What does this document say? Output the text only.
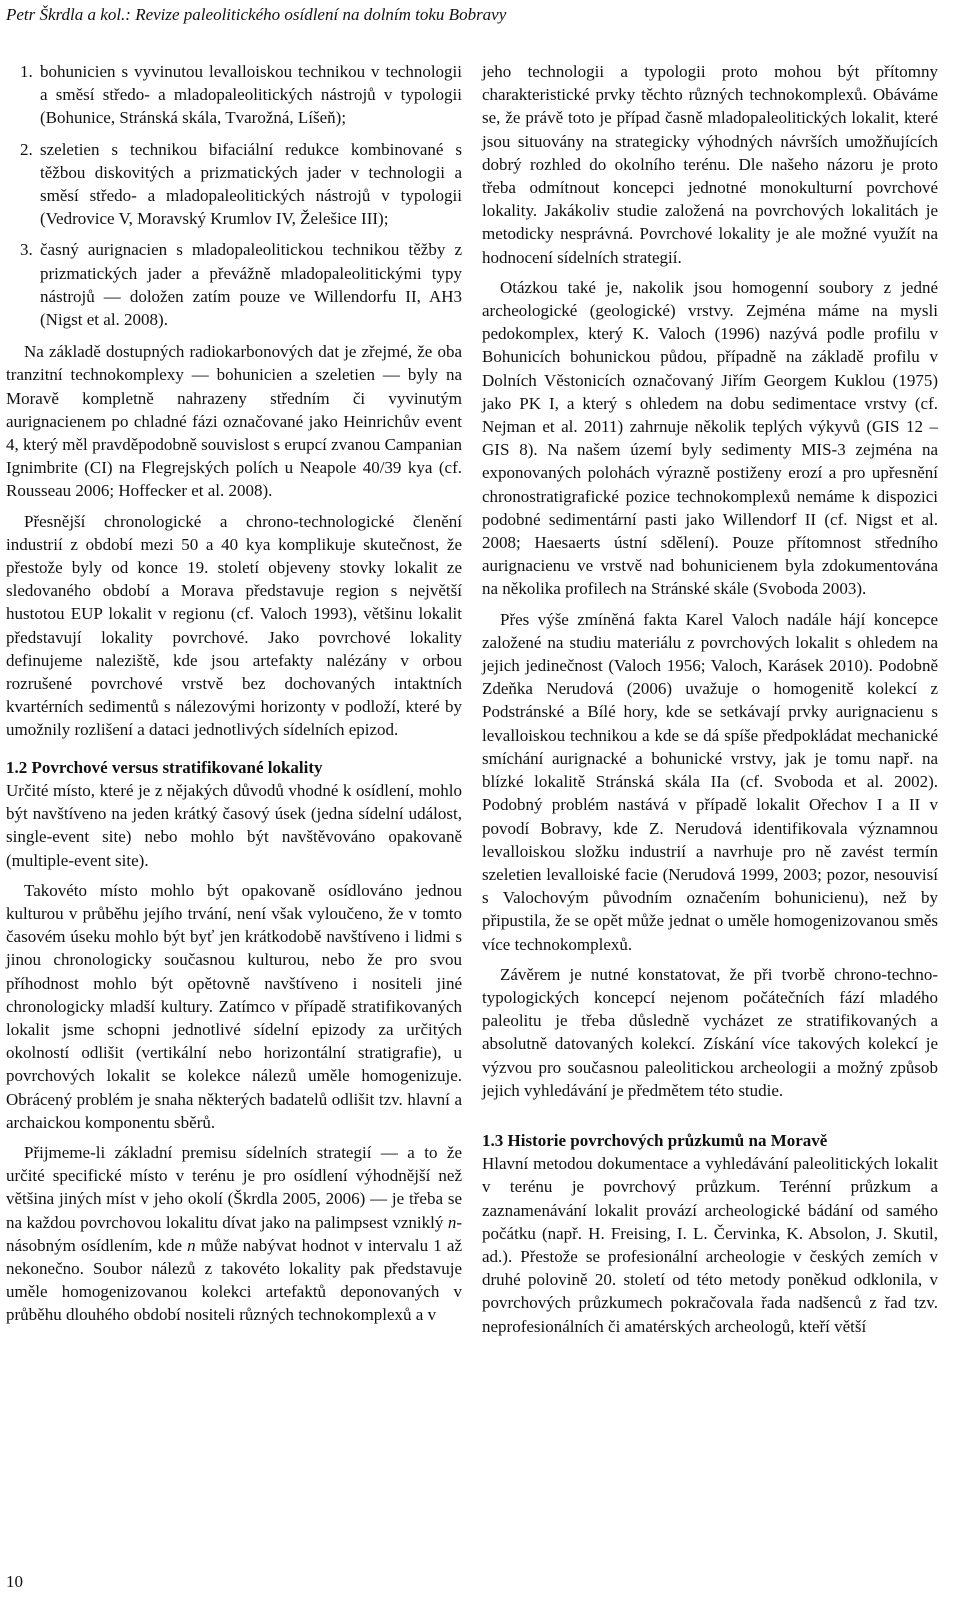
Petr Škrdla a kol.: Revize paleolitického osídlení na dolním toku Bobravy
1. bohunicien s vyvinutou levalloiskou technikou v technologii a směsí středo- a mladopaleolitických nástrojů v typologii (Bohunice, Stránská skála, Tvarožná, Líšeň);
2. szeletien s technikou bifaciální redukce kombinované s těžbou diskovitých a prizmatických jader v technologii a směsí středo- a mladopaleolitických nástrojů v typologii (Vedrovice V, Moravský Krumlov IV, Želešice III);
3. časný aurignacien s mladopaleolitickou technikou těžby z prizmatických jader a převážně mladopaleolitickými typy nástrojů — doložen zatím pouze ve Willendorfu II, AH3 (Nigst et al. 2008).

Na základě dostupných radiokarbonových dat je zřejmé, že oba tranzitní technokomplexy — bohunicien a szeletien — byly na Moravě kompletně nahrazeny středním či vyvinutým aurignacienem po chladné fázi označované jako Heinrichův event 4, který měl pravděpodobně souvislost s erupcí zvanou Campanian Ignimbrite (CI) na Flegrejských polích u Neapole 40/39 kya (cf. Rousseau 2006; Hoffecker et al. 2008).

Přesnější chronologické a chrono-technologické členění industrií z období mezi 50 a 40 kya komplikuje skutečnost, že přestože byly od konce 19. století objeveny stovky lokalit ze sledovaného období a Morava představuje region s největší hustotou EUP lokalit v regionu (cf. Valoch 1993), většinu lokalit představují lokality povrchové. Jako povrchové lokality definujeme naleziště, kde jsou artefakty nalézány v orbou rozrušené povrchové vrstvě bez dochovaných intaktních kvartérních sedimentů s nálezovými horizonty v podloží, které by umožnily rozlišení a dataci jednotlivých sídelních epizod.

1.2 Povrchové versus stratifikované lokality

Určité místo, které je z nějakých důvodů vhodné k osídlení, mohlo být navštíveno na jeden krátký časový úsek (jedna sídelní událost, single-event site) nebo mohlo být navštěvováno opakovaně (multiple-event site).

Takovéto místo mohlo být opakovaně osídlováno jednou kulturou v průběhu jejího trvání, není však vyloučeno, že v tomto časovém úseku mohlo být byť jen krátkodobě navštíveno i lidmi s jinou chronologicky současnou kulturou, nebo že pro svou příhodnost mohlo být opětovně navštíveno i nositeli jiné chronologicky mladší kultury. Zatímco v případě stratifikovaných lokalit jsme schopni jednotlivé sídelní epizody za určitých okolností odlišit (vertikální nebo horizontální stratigrafie), u povrchových lokalit se kolekce nálezů uměle homogenizuje. Obrácený problém je snaha některých badatelů odlišit tzv. hlavní a archaickou komponentu sběrů.

Přijmeme-li základní premisu sídelních strategií — a to že určité specifické místo v terénu je pro osídlení výhodnější než většina jiných míst v jeho okolí (Škrdla 2005, 2006) — je třeba se na každou povrchovou lokalitu dívat jako na palimpsest vzniklý n-násobným osídlením, kde n může nabývat hodnot v intervalu 1 až nekonečno. Soubor nálezů z takovéto lokality pak představuje uměle homogenizovanou kolekci artefaktů deponovaných v průběhu dlouhého období nositeli různých technokomplexů a v

jeho technologii a typologii proto mohou být přítomny charakteristické prvky těchto různých technokomplexů. Obáváme se, že právě toto je případ časně mladopaleolitických lokalit, které jsou situovány na strategicky výhodných návrších umožňujících dobrý rozhled do okolního terénu. Dle našeho názoru je proto třeba odmítnout koncepci jednotné monokulturní povrchové lokality. Jakákoliv studie založená na povrchových lokalitách je metodicky nesprávná. Povrchové lokality je ale možné využít na hodnocení sídelních strategií.

Otázkou také je, nakolik jsou homogenní soubory z jedné archeologické (geologické) vrstvy. Zejména máme na mysli pedokomplex, který K. Valoch (1996) nazývá podle profilu v Bohunicích bohunickou půdou, případně na základě profilu v Dolních Věstonicích označovaný Jiřím Georgem Kuklou (1975) jako PK I, a který s ohledem na dobu sedimentace vrstvy (cf. Nejman et al. 2011) zahrnuje několik teplých výkyvů (GIS 12 – GIS 8). Na našem území byly sedimenty MIS-3 zejména na exponovaných polohách výrazně postiženy erozí a pro upřesnění chronostratigrafické pozice technokomplexů nemáme k dispozici podobné sedimentární pasti jako Willendorf II (cf. Nigst et al. 2008; Haesaerts ústní sdělení). Pouze přítomnost středního aurignacienu ve vrstvě nad bohunicienem byla zdokumentována na několika profilech na Stránské skále (Svoboda 2003).

Přes výše zmíněná fakta Karel Valoch nadále hájí koncepce založené na studiu materiálu z povrchových lokalit s ohledem na jejich jedinečnost (Valoch 1956; Valoch, Karásek 2010). Podobně Zdeňka Nerudová (2006) uvažuje o homogenitě kolekcí z Podstránské a Bílé hory, kde se setkávají prvky aurignacienu s levalloiskou technikou a kde se dá spíše předpokládat mechanické smíchání aurignacké a bohunické vrstvy, jak je tomu např. na blízké lokalitě Stránská skála IIa (cf. Svoboda et al. 2002). Podobný problém nastává v případě lokalit Ořechov I a II v povodí Bobravy, kde Z. Nerudová identifikovala významnou levalloiskou složku industrií a navrhuje pro ně zavést termín szeletien levalloiské facie (Nerudová 1999, 2003; pozor, nesouvisí s Valochovým původním označením bohunicienu), než by připustila, že se opět může jednat o uměle homogenizovanou směs více technokomplexů.

Závěrem je nutné konstatovat, že při tvorbě chrono-techno-typologických koncepcí nejenom počátečních fází mladého paleolitu je třeba důsledně vycházet ze stratifikovaných a absolutně datovaných kolekcí. Získání více takových kolekcí je výzvou pro současnou paleolitickou archeologii a možný způsob jejich vyhledávání je předmětem této studie.

1.3 Historie povrchových průzkumů na Moravě

Hlavní metodou dokumentace a vyhledávání paleolitických lokalit v terénu je povrchový průzkum. Terénní průzkum a zaznamenávání lokalit provází archeologické bádání od samého počátku (např. H. Freising, I. L. Červinka, K. Absolon, J. Skutil, ad.). Přestože se profesionální archeologie v českých zemích v druhé polovině 20. století od této metody poněkud odklonila, v povrchových průzkumech pokračovala řada nadšenců z řad tzv. neprofesionálních či amatérských archeologů, kteří větší

10
